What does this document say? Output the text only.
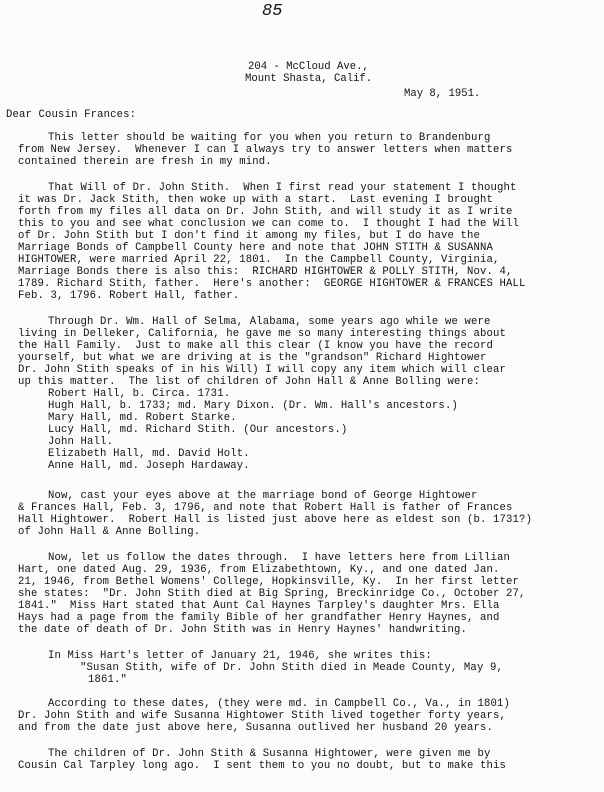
85
204 - McCloud Ave.,
Mount Shasta, Calif.
May 8, 1951.
Dear Cousin Frances:
This letter should be waiting for you when you return to Brandenburg
from New Jersey.  Whenever I can I always try to answer letters when matters
contained therein are fresh in my mind.
That Will of Dr. John Stith.  When I first read your statement I thought
it was Dr. Jack Stith, then woke up with a start.  Last evening I brought
forth from my files all data on Dr. John Stith, and will study it as I write
this to you and see what conclusion we can come to.  I thought I had the Will
of Dr. John Stith but I don't find it among my files, but I do have the
Marriage Bonds of Campbell County here and note that JOHN STITH & SUSANNA
HIGHTOWER, were married April 22, 1801.  In the Campbell County, Virginia,
Marriage Bonds there is also this:  RICHARD HIGHTOWER & POLLY STITH, Nov. 4,
1789. Richard Stith, father.  Here's another:  GEORGE HIGHTOWER & FRANCES HALL
Feb. 3, 1796. Robert Hall, father.
Through Dr. Wm. Hall of Selma, Alabama, some years ago while we were
living in Delleker, California, he gave me so many interesting things about
the Hall Family.  Just to make all this clear (I know you have the record
yourself, but what we are driving at is the "grandson" Richard Hightower
Dr. John Stith speaks of in his Will) I will copy any item which will clear
up this matter.  The list of children of John Hall & Anne Bolling were:
Robert Hall, b. Circa. 1731.
Hugh Hall, b. 1733; md. Mary Dixon. (Dr. Wm. Hall's ancestors.)
Mary Hall, md. Robert Starke.
Lucy Hall, md. Richard Stith. (Our ancestors.)
John Hall.
Elizabeth Hall, md. David Holt.
Anne Hall, md. Joseph Hardaway.
Now, cast your eyes above at the marriage bond of George Hightower
& Frances Hall, Feb. 3, 1796, and note that Robert Hall is father of Frances
Hall Hightower.  Robert Hall is listed just above here as eldest son (b. 1731?)
of John Hall & Anne Bolling.
Now, let us follow the dates through.  I have letters here from Lillian
Hart, one dated Aug. 29, 1936, from Elizabethtown, Ky., and one dated Jan.
21, 1946, from Bethel Womens' College, Hopkinsville, Ky.  In her first letter
she states:  "Dr. John Stith died at Big Spring, Breckinridge Co., October 27,
1841."  Miss Hart stated that Aunt Cal Haynes Tarpley's daughter Mrs. Ella
Hays had a page from the family Bible of her grandfather Henry Haynes, and
the date of death of Dr. John Stith was in Henry Haynes' handwriting.
In Miss Hart's letter of January 21, 1946, she writes this:
"Susan Stith, wife of Dr. John Stith died in Meade County, May 9,
1861."
According to these dates, (they were md. in Campbell Co., Va., in 1801)
Dr. John Stith and wife Susanna Hightower Stith lived together forty years,
and from the date just above here, Susanna outlived her husband 20 years.
The children of Dr. John Stith & Susanna Hightower, were given me by
Cousin Cal Tarpley long ago.  I sent them to you no doubt, but to make this
